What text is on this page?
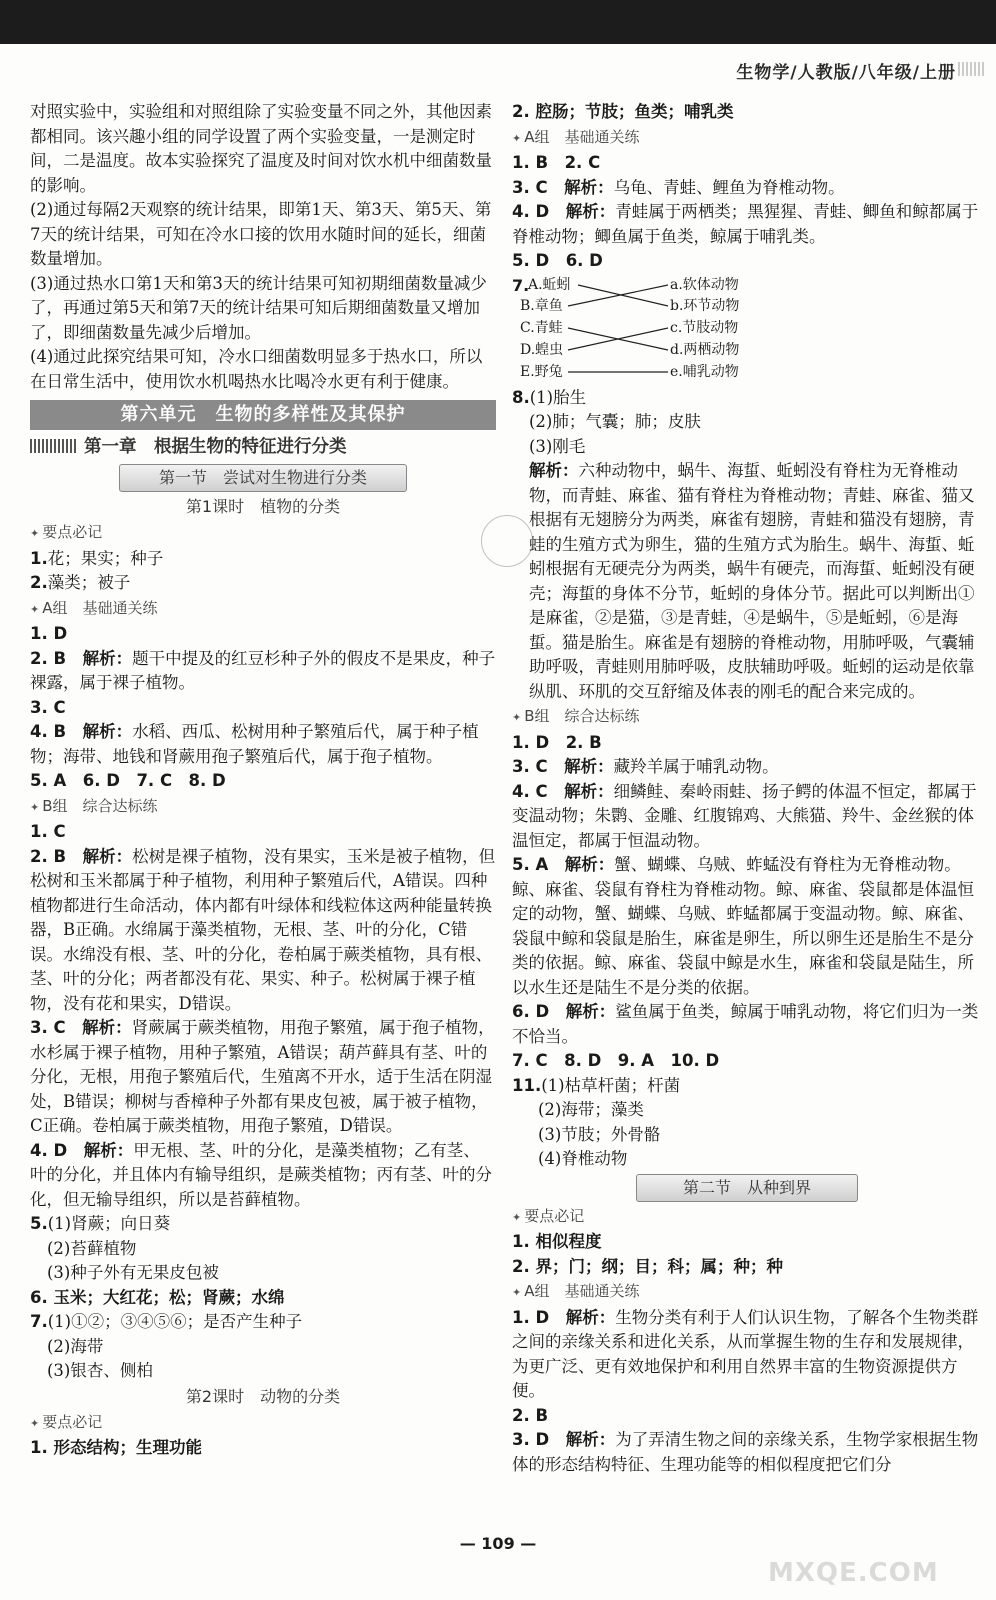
生物学/人教版/八年级/上册

对照实验中，实验组和对照组除了实验变量不同之外，其他因素都相同。该兴趣小组的同学设置了两个实验变量，一是测定时间，二是温度。故本实验探究了温度及时间对饮水机中细菌数量的影响。

(2)通过每隔2天观察的统计结果，即第1天、第3天、第5天、第7天的统计结果，可知在冷水口接的饮用水随时间的延长，细菌数量增加。

(3)通过热水口第1天和第3天的统计结果可知初期细菌数量减少了，再通过第5天和第7天的统计结果可知后期细菌数量又增加了，即细菌数量先减少后增加。

(4)通过此探究结果可知，冷水口细菌数明显多于热水口，所以在日常生活中，使用饮水机喝热水比喝冷水更有利于健康。

第六单元　生物的多样性及其保护
第一章　根据生物的特征进行分类
第一节　尝试对生物进行分类
第1课时　植物的分类

✦ 要点必记

1.花；果实；种子

2.藻类；被子

✦ A组　基础通关练

1. D

2. B　 解析：题干中提及的红豆杉种子外的假皮不是果皮，种子裸露，属于裸子植物。

3. C

4. B　 解析：水稻、西瓜、松树用种子繁殖后代，属于种子植物；海带、地钱和肾蕨用孢子繁殖后代，属于孢子植物。

5. A　6. D　7. C　8. D

✦ B组　综合达标练

1. C

2. B　 解析：松树是裸子植物，没有果实，玉米是被子植物，但松树和玉米都属于种子植物，利用种子繁殖后代，A错误。四种植物都进行生命活动，体内都有叶绿体和线粒体这两种能量转换器，B正确。水绵属于藻类植物，无根、茎、叶的分化，C错误。水绵没有根、茎、叶的分化，卷柏属于蕨类植物，具有根、茎、叶的分化；两者都没有花、果实、种子。松树属于裸子植物，没有花和果实，D错误。

3. C　 解析：肾蕨属于蕨类植物，用孢子繁殖，属于孢子植物，水杉属于裸子植物，用种子繁殖，A错误；葫芦藓具有茎、叶的分化，无根，用孢子繁殖后代，生殖离不开水，适于生活在阴湿处，B错误；柳树与香樟种子外都有果皮包被，属于被子植物，C正确。卷柏属于蕨类植物，用孢子繁殖，D错误。

4. D　 解析：甲无根、茎、叶的分化，是藻类植物；乙有茎、叶的分化，并且体内有输导组织，是蕨类植物；丙有茎、叶的分化，但无输导组织，所以是苔藓植物。

5.(1)肾蕨；向日葵

(2)苔藓植物

(3)种子外有无果皮包被

6. 玉米；大红花；松；肾蕨；水绵

7.(1)①②；③④⑤⑥；是否产生种子

(2)海带

(3)银杏、侧柏

第2课时　动物的分类

✦ 要点必记

1. 形态结构；生理功能

2. 腔肠；节肢；鱼类；哺乳类

✦ A组　基础通关练

1. B　2. C

3. C　 解析：乌龟、青蛙、鲤鱼为脊椎动物。

4. D　 解析：青蛙属于两栖类；黑猩猩、青蛙、鲫鱼和鲸都属于脊椎动物；鲫鱼属于鱼类，鲸属于哺乳类。

5. D　6. D

7.
A.蚯蚓
B.章鱼
C.青蛙
D.蝗虫
E.野兔
a.软体动物
b.环节动物
c.节肢动物
d.两栖动物
e.哺乳动物

8.(1)胎生

(2)肺；气囊；肺；皮肤

(3)刚毛

解析：六种动物中，蜗牛、海蜇、蚯蚓没有脊柱为无脊椎动物，而青蛙、麻雀、猫有脊柱为脊椎动物；青蛙、麻雀、猫又根据有无翅膀分为两类，麻雀有翅膀，青蛙和猫没有翅膀，青蛙的生殖方式为卵生，猫的生殖方式为胎生。蜗牛、海蜇、蚯蚓根据有无硬壳分为两类，蜗牛有硬壳，而海蜇、蚯蚓没有硬壳；海蜇的身体不分节，蚯蚓的身体分节。据此可以判断出①是麻雀，②是猫，③是青蛙，④是蜗牛，⑤是蚯蚓，⑥是海蜇。猫是胎生。麻雀是有翅膀的脊椎动物，用肺呼吸，气囊辅助呼吸，青蛙则用肺呼吸，皮肤辅助呼吸。蚯蚓的运动是依靠纵肌、环肌的交互舒缩及体表的刚毛的配合来完成的。

✦ B组　综合达标练

1. D　2. B

3. C　 解析：藏羚羊属于哺乳动物。

4. C　 解析：细鳞鲑、秦岭雨蛙、扬子鳄的体温不恒定，都属于变温动物；朱鹮、金雕、红腹锦鸡、大熊猫、羚牛、金丝猴的体温恒定，都属于恒温动物。

5. A　 解析：蟹、蝴蝶、乌贼、蚱蜢没有脊柱为无脊椎动物。鲸、麻雀、袋鼠有脊柱为脊椎动物。鲸、麻雀、袋鼠都是体温恒定的动物，蟹、蝴蝶、乌贼、蚱蜢都属于变温动物。鲸、麻雀、袋鼠中鲸和袋鼠是胎生，麻雀是卵生，所以卵生还是胎生不是分类的依据。鲸、麻雀、袋鼠中鲸是水生，麻雀和袋鼠是陆生，所以水生还是陆生不是分类的依据。

6. D　 解析：鲨鱼属于鱼类，鲸属于哺乳动物，将它们归为一类不恰当。

7. C　8. D　9. A　10. D

11.(1)枯草杆菌；杆菌

(2)海带；藻类

(3)节肢；外骨骼

(4)脊椎动物

第二节　从种到界

✦ 要点必记

1. 相似程度

2. 界；门；纲；目；科；属；种；种

✦ A组　基础通关练

1. D　 解析：生物分类有利于人们认识生物，了解各个生物类群之间的亲缘关系和进化关系，从而掌握生物的生存和发展规律，为更广泛、更有效地保护和利用自然界丰富的生物资源提供方便。

2. B

3. D　 解析：为了弄清生物之间的亲缘关系，生物学家根据生物体的形态结构特征、生理功能等的相似程度把它们分

— 109 —
MXQE.COM
